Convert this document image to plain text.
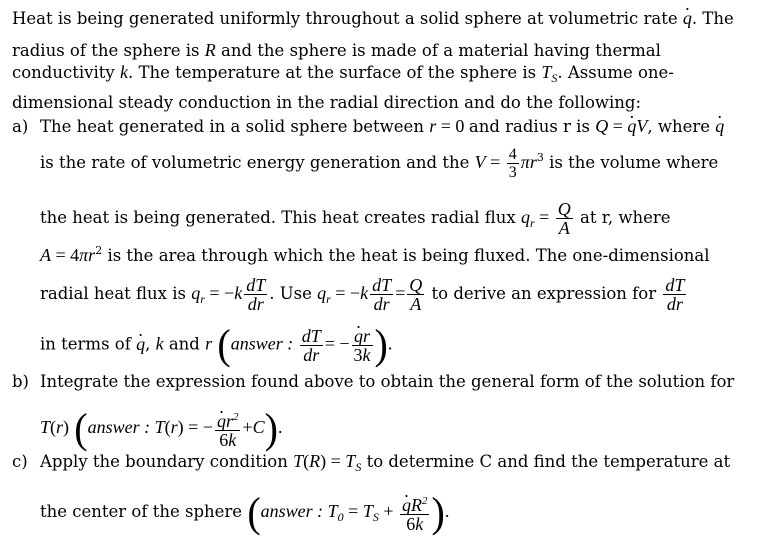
Heat is being generated uniformly throughout a solid sphere at volumetric rate q ·. The
radius of the sphere is R and the sphere is made of a material having thermal
conductivity k. The temperature at the surface of the sphere is $T_S$. Assume one-
dimensional steady conduction in the radial direction and do the following:
a) The heat generated in a solid sphere between r = 0 and radius r is Q = q ·V, where q ·
is the rate of volumetric energy generation and the $V = \frac{4}{3} \pi r^3$ is the volume where
the heat is being generated. This heat creates radial flux $q_r = \frac{Q}{A}$ at r, where
$A = 4\pi r^2$ is the area through which the heat is being fluxed. The one-dimensional
radial heat flux is $q_r = -k \frac{dT}{dr}$ . Use $q_r = -k \frac{dT}{dr} = \frac{Q}{A}$ to derive an expression for $\frac{dT}{dr}$
in terms of q ·, k and r (answer : $\frac{dT}{dr}$ = − $\frac{q \cdot r}{3k}$ ).
b) Integrate the expression found above to obtain the general form of the solution for
T(r) (answer : T(r) = − $\frac{q \cdot r^2}{6k} +C$).
c) Apply the boundary condition $T(R) = T_S$ to determine C and find the temperature at
the center of the sphere (answer : $T_0 = T_S + \frac{q \cdot R^2}{6k}$ ).
